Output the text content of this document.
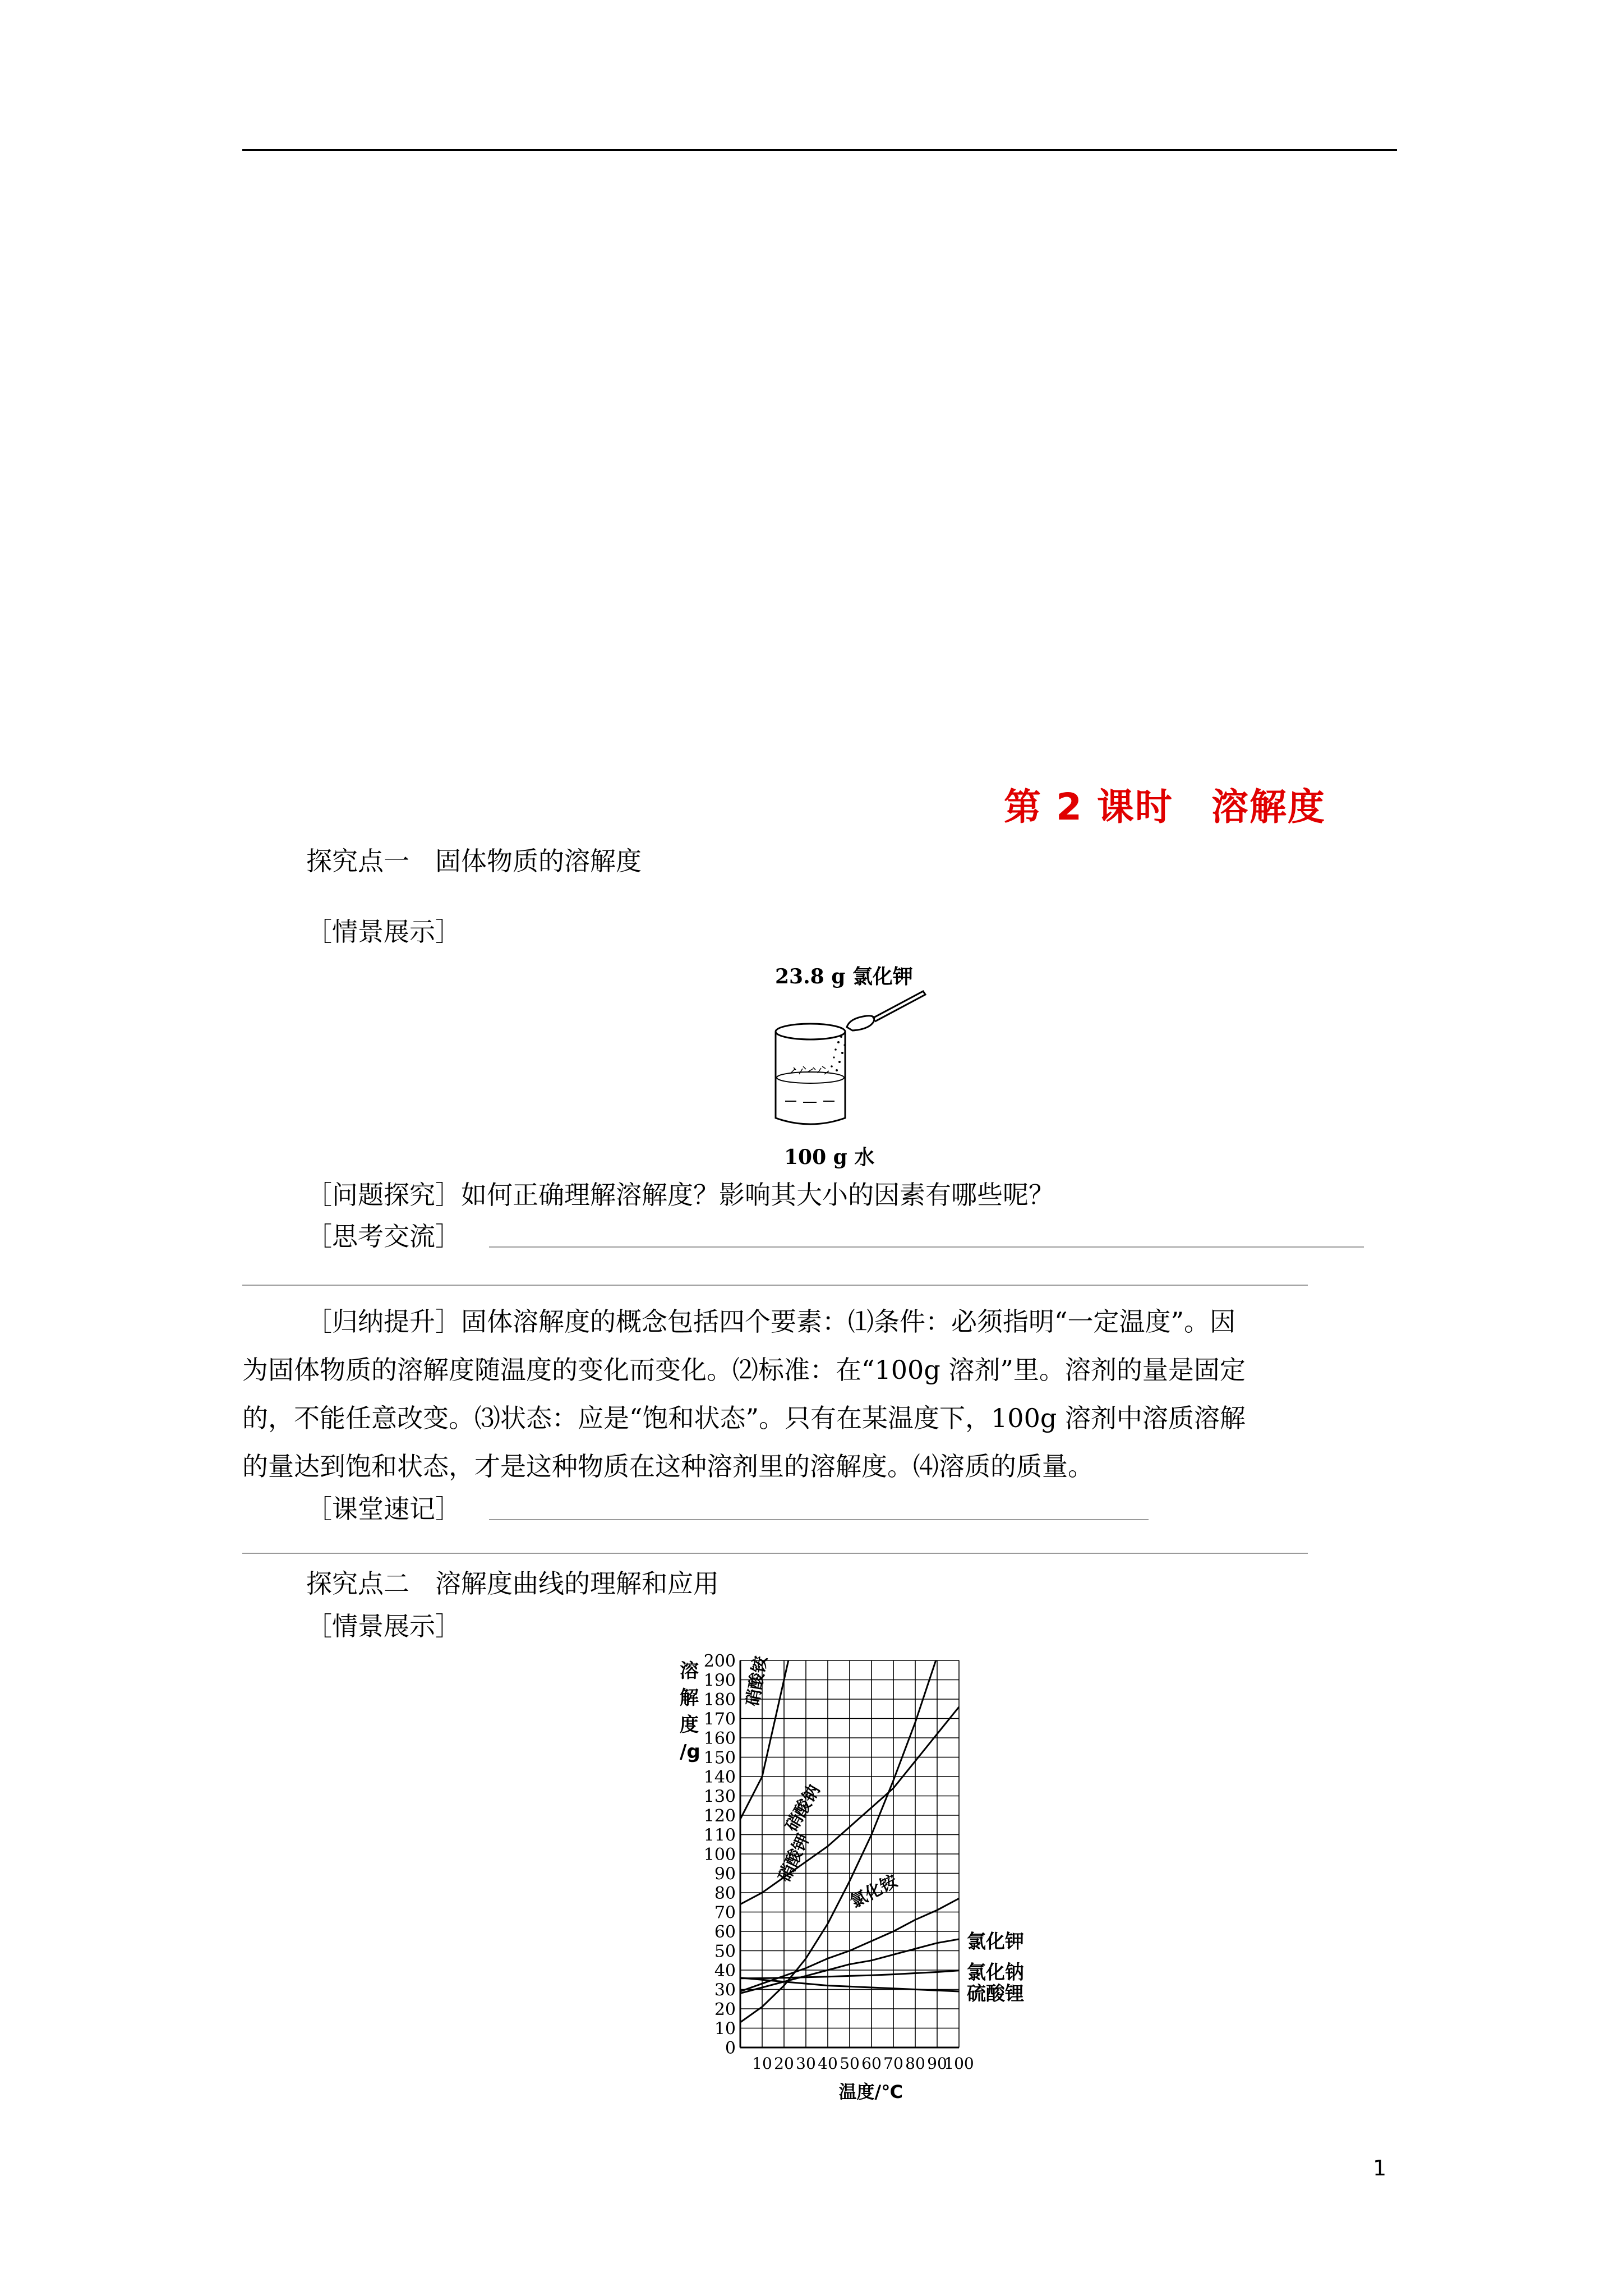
第 2 课时　溶解度
探究点一　固体物质的溶解度
［情景展示］
23.8 g 氯化钾
100 g 水
［问题探究］如何正确理解溶解度？影响其大小的因素有哪些呢？
［思考交流］
［归纳提升］固体溶解度的概念包括四个要素：⑴条件：必须指明“一定温度”。因
为固体物质的溶解度随温度的变化而变化。⑵标准：在“100g 溶剂”里。溶剂的量是固定
的，不能任意改变。⑶状态：应是“饱和状态”。只有在某温度下，100g 溶剂中溶质溶解
的量达到饱和状态，才是这种物质在这种溶剂里的溶解度。⑷溶质的质量。
［课堂速记］
探究点二　溶解度曲线的理解和应用
［情景展示］
0
10
20
30
40
50
60
70
80
90
100
110
120
130
140
150
160
170
180
190
200
10 20 30 40 50 60 70 80 90
100
溶
解
度
/g
温度/℃
硝酸铵
硝酸钠
硝酸钾
氯化铵
氯化钾
氯化钠
硫酸锂
1
